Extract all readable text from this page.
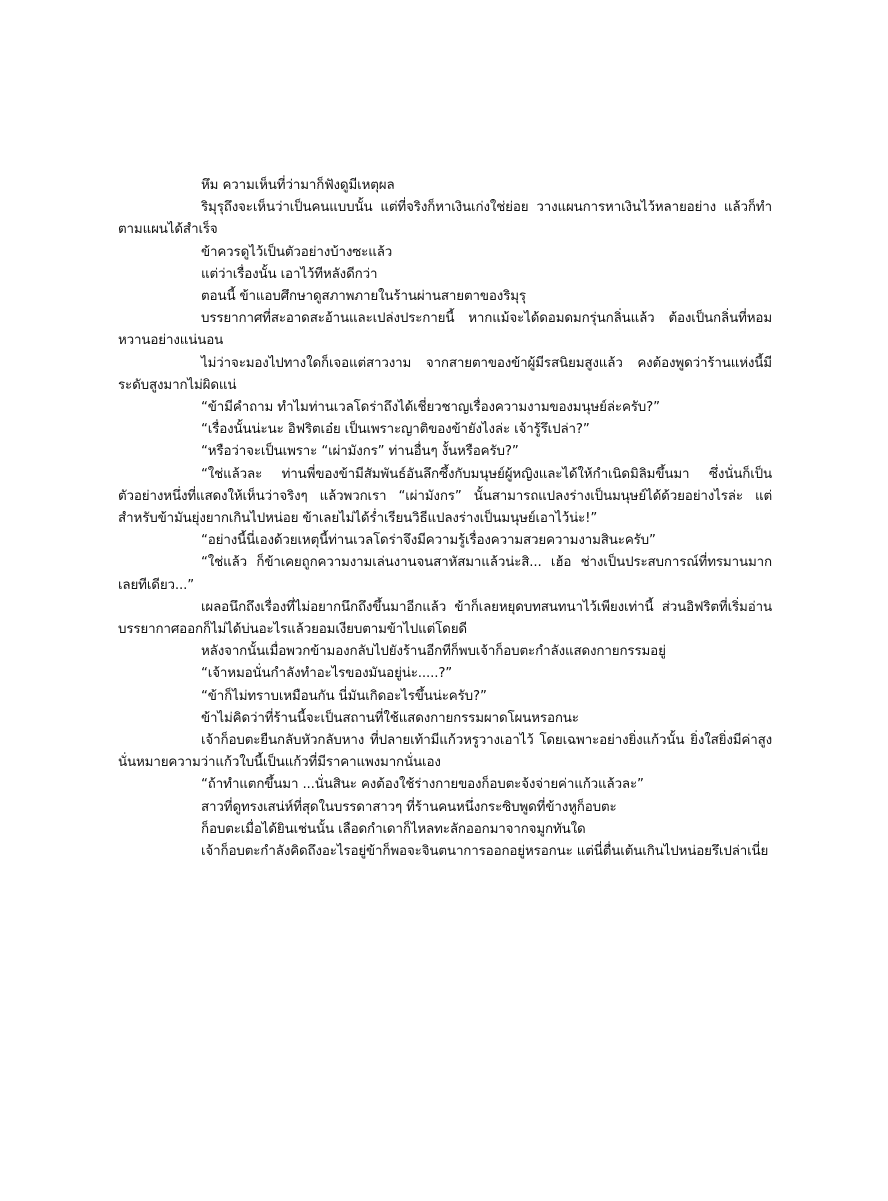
หึม ความเห็นที่ว่ามาก็ฟังดูมีเหตุผล

ริมุรุถึงจะเห็นว่าเป็นคนแบบนั้น แต่ที่จริงก็หาเงินเก่งใช่ย่อย วางแผนการหาเงินไว้หลายอย่าง แล้วก็ทำตามแผนได้สำเร็จ

ข้าควรดูไว้เป็นตัวอย่างบ้างซะแล้ว

แต่ว่าเรื่องนั้น เอาไว้ทีหลังดีกว่า

ตอนนี้ ข้าแอบศึกษาดูสภาพภายในร้านผ่านสายตาของริมุรุ

บรรยากาศที่สะอาดสะอ้านและเปล่งประกายนี้ หากแม้จะได้ดอมดมกรุ่นกลิ่นแล้ว ต้องเป็นกลิ่นที่หอมหวานอย่างแน่นอน

ไม่ว่าจะมองไปทางใดก็เจอแต่สาวงาม จากสายตาของข้าผู้มีรสนิยมสูงแล้ว คงต้องพูดว่าร้านแห่งนี้มีระดับสูงมากไม่ผิดแน่

“ข้ามีคำถาม ทำไมท่านเวลโดร่าถึงได้เชี่ยวชาญเรื่องความงามของมนุษย์ล่ะครับ?”

“เรื่องนั้นน่ะนะ อิฟริตเอ๋ย เป็นเพราะญาติของข้ายังไงล่ะ เจ้ารู้รึเปล่า?”

“หรือว่าจะเป็นเพราะ “เผ่ามังกร” ท่านอื่นๆ งั้นหรือครับ?”

“ใช่แล้วละ ท่านพี่ของข้ามีสัมพันธ์อันลึกซึ้งกับมนุษย์ผู้หญิงและได้ให้กำเนิดมิลิมขึ้นมา ซึ่งนั่นก็เป็นตัวอย่างหนึ่งที่แสดงให้เห็นว่าจริงๆ แล้วพวกเรา “เผ่ามังกร” นั้นสามารถแปลงร่างเป็นมนุษย์ได้ด้วยอย่างไรล่ะ แต่สำหรับข้ามันยุ่งยากเกินไปหน่อย ข้าเลยไม่ได้ร่ำเรียนวิธีแปลงร่างเป็นมนุษย์เอาไว้น่ะ!”

“อย่างนี้นี่เองด้วยเหตุนี้ท่านเวลโดร่าจึงมีความรู้เรื่องความสวยความงามสินะครับ”

“ใช่แล้ว ก็ข้าเคยถูกความงามเล่นงานจนสาหัสมาแล้วน่ะสิ... เฮ้อ ช่างเป็นประสบการณ์ที่ทรมานมากเลยทีเดียว...”

เผลอนึกถึงเรื่องที่ไม่อยากนึกถึงขึ้นมาอีกแล้ว ข้าก็เลยหยุดบทสนทนาไว้เพียงเท่านี้ ส่วนอิฟริตที่เริ่มอ่านบรรยากาศออกก็ไม่ได้บ่นอะไรแล้วยอมเงียบตามข้าไปแต่โดยดี

หลังจากนั้นเมื่อพวกข้ามองกลับไปยังร้านอีกทีก็พบเจ้าก็อบตะกำลังแสดงกายกรรมอยู่

“เจ้าหมอนั่นกำลังทำอะไรของมันอยู่น่ะ.....?”

“ข้าก็ไม่ทราบเหมือนกัน นี่มันเกิดอะไรขึ้นน่ะครับ?”

ข้าไม่คิดว่าที่ร้านนี้จะเป็นสถานที่ใช้แสดงกายกรรมผาดโผนหรอกนะ

เจ้าก็อบตะยืนกลับหัวกลับหาง ที่ปลายเท้ามีแก้วหรูวางเอาไว้ โดยเฉพาะอย่างยิ่งแก้วนั้น ยิ่งใสยิ่งมีค่าสูง นั่นหมายความว่าแก้วใบนี้เป็นแก้วที่มีราคาแพงมากนั่นเอง

“ถ้าทำแตกขึ้นมา ...นั่นสินะ คงต้องใช้ร่างกายของก็อบตะจ้งจ่ายค่าแก้วแล้วละ”

สาวที่ดูทรงเสน่ห์ที่สุดในบรรดาสาวๆ ที่ร้านคนหนึ่งกระซิบพูดที่ข้างหูก็อบตะ

ก็อบตะเมื่อได้ยินเช่นนั้น เลือดกำเดาก็ไหลทะลักออกมาจากจมูกทันใด

เจ้าก็อบตะกำลังคิดถึงอะไรอยู่ข้าก็พอจะจินตนาการออกอยู่หรอกนะ แต่นี่ตื่นเต้นเกินไปหน่อยรึเปล่าเนี่ย
